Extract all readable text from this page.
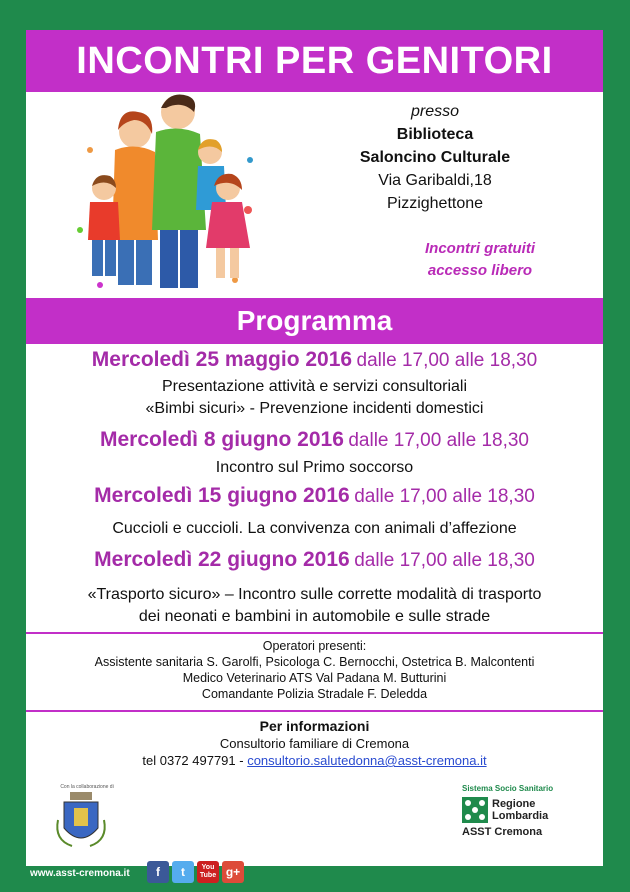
INCONTRI PER GENITORI
presso
Biblioteca
Saloncino Culturale
Via Garibaldi,18
Pizzighettone
Incontri gratuiti
accesso libero
Programma
Mercoledì 25 maggio 2016 dalle 17,00 alle 18,30
Presentazione attività e servizi consultoriali
«Bimbi sicuri» - Prevenzione incidenti domestici
Mercoledì 8 giugno 2016 dalle 17,00 alle 18,30
Incontro sul Primo soccorso
Mercoledì 15 giugno 2016 dalle 17,00 alle 18,30
Cuccioli e cuccioli. La convivenza con animali d’affezione
Mercoledì 22 giugno 2016 dalle 17,00 alle 18,30
«Trasporto sicuro» – Incontro sulle corrette modalità di trasporto
dei neonati e bambini in automobile e sulle strade
Operatori presenti:
Assistente sanitaria S. Garolfi, Psicologa C. Bernocchi, Ostetrica B. Malcontenti
Medico Veterinario ATS Val Padana M. Butturini
Comandante Polizia Stradale F. Deledda
Per informazioni
Consultorio familiare di Cremona
tel 0372 497791 - consultorio.salutedonna@asst-cremona.it
Con la collaborazione di	Sistema Socio Sanitario
Regione
Lombardia
ASST Cremona
www.asst-cremona.it	f	t	You Tube g+
